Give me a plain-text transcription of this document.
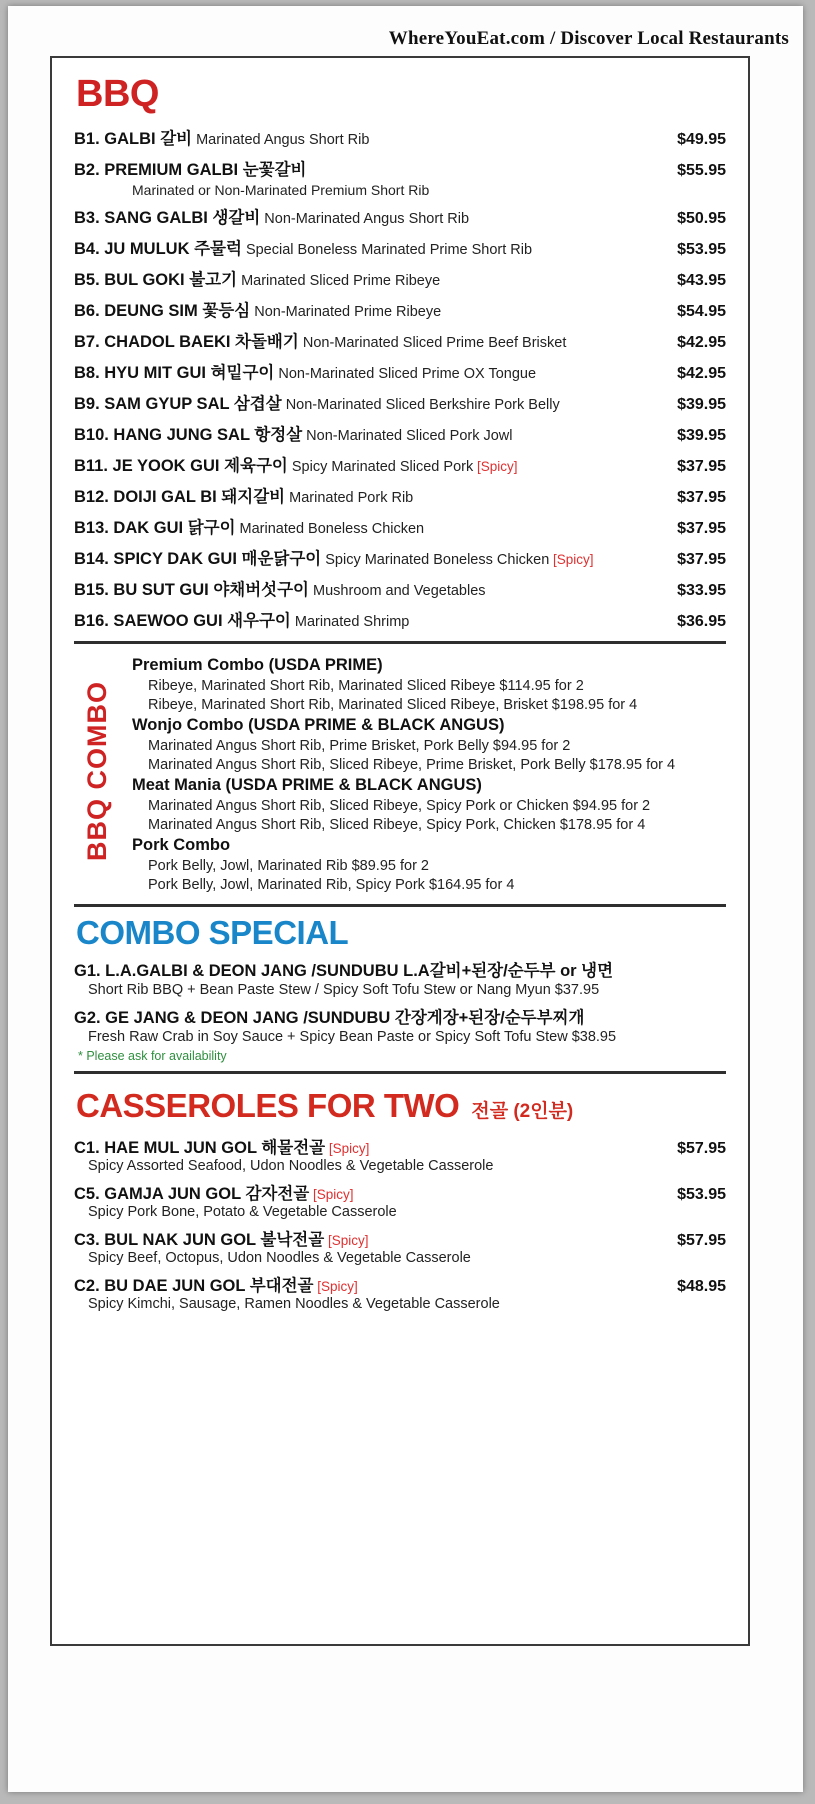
WhereYouEat.com / Discover Local Restaurants
BBQ
B1. GALBI 갈비 Marinated Angus Short Rib	$49.95
B2. PREMIUM GALBI 눈꽃갈비	$55.95
Marinated or Non-Marinated Premium Short Rib
B3. SANG GALBI 생갈비 Non-Marinated Angus Short Rib	$50.95
B4. JU MULUK 주물럭 Special Boneless Marinated Prime Short Rib	$53.95
B5. BUL GOKI 불고기 Marinated Sliced Prime Ribeye	$43.95
B6. DEUNG SIM 꽃등심 Non-Marinated Prime Ribeye	$54.95
B7. CHADOL BAEKI 차돌배기 Non-Marinated Sliced Prime Beef Brisket	$42.95
B8. HYU MIT GUI 혀밑구이 Non-Marinated Sliced Prime OX Tongue	$42.95
B9. SAM GYUP SAL 삼겹살 Non-Marinated Sliced Berkshire Pork Belly	$39.95
B10. HANG JUNG SAL 항정살 Non-Marinated Sliced Pork Jowl	$39.95
B11. JE YOOK GUI 제육구이 Spicy Marinated Sliced Pork [Spicy]	$37.95
B12. DOIJI GAL BI 돼지갈비 Marinated Pork Rib	$37.95
B13. DAK GUI 닭구이 Marinated Boneless Chicken	$37.95
B14. SPICY DAK GUI 매운닭구이 Spicy Marinated Boneless Chicken [Spicy]	$37.95
B15. BU SUT GUI 야채버섯구이 Mushroom and Vegetables	$33.95
B16. SAEWOO GUI 새우구이 Marinated Shrimp	$36.95
BBQ COMBO
Premium Combo (USDA PRIME)
Ribeye, Marinated Short Rib, Marinated Sliced Ribeye $114.95 for 2
Ribeye, Marinated Short Rib, Marinated Sliced Ribeye, Brisket $198.95 for 4
Wonjo Combo (USDA PRIME & BLACK ANGUS)
Marinated Angus Short Rib, Prime Brisket, Pork Belly $94.95 for 2
Marinated Angus Short Rib, Sliced Ribeye, Prime Brisket, Pork Belly $178.95 for 4
Meat Mania (USDA PRIME & BLACK ANGUS)
Marinated Angus Short Rib, Sliced Ribeye, Spicy Pork or Chicken $94.95 for 2
Marinated Angus Short Rib, Sliced Ribeye, Spicy Pork, Chicken $178.95 for 4
Pork Combo
Pork Belly, Jowl, Marinated Rib $89.95 for 2
Pork Belly, Jowl, Marinated Rib, Spicy Pork $164.95 for 4
COMBO SPECIAL
G1. L.A.GALBI & DEON JANG /SUNDUBU L.A갈비+된장/순두부 or 냉면
Short Rib BBQ + Bean Paste Stew / Spicy Soft Tofu Stew or Nang Myun $37.95
G2. GE JANG & DEON JANG /SUNDUBU 간장게장+된장/순두부찌개
Fresh Raw Crab in Soy Sauce + Spicy Bean Paste or Spicy Soft Tofu Stew $38.95
* Please ask for availability
CASSEROLES FOR TWO 전골 (2인분)
C1. HAE MUL JUN GOL 해물전골 [Spicy]	$57.95
Spicy Assorted Seafood, Udon Noodles & Vegetable Casserole
C5. GAMJA JUN GOL 감자전골 [Spicy]	$53.95
Spicy Pork Bone, Potato & Vegetable Casserole
C3. BUL NAK JUN GOL 불낙전골 [Spicy]	$57.95
Spicy Beef, Octopus, Udon Noodles & Vegetable Casserole
C2. BU DAE JUN GOL 부대전골 [Spicy]	$48.95
Spicy Kimchi, Sausage, Ramen Noodles & Vegetable Casserole
